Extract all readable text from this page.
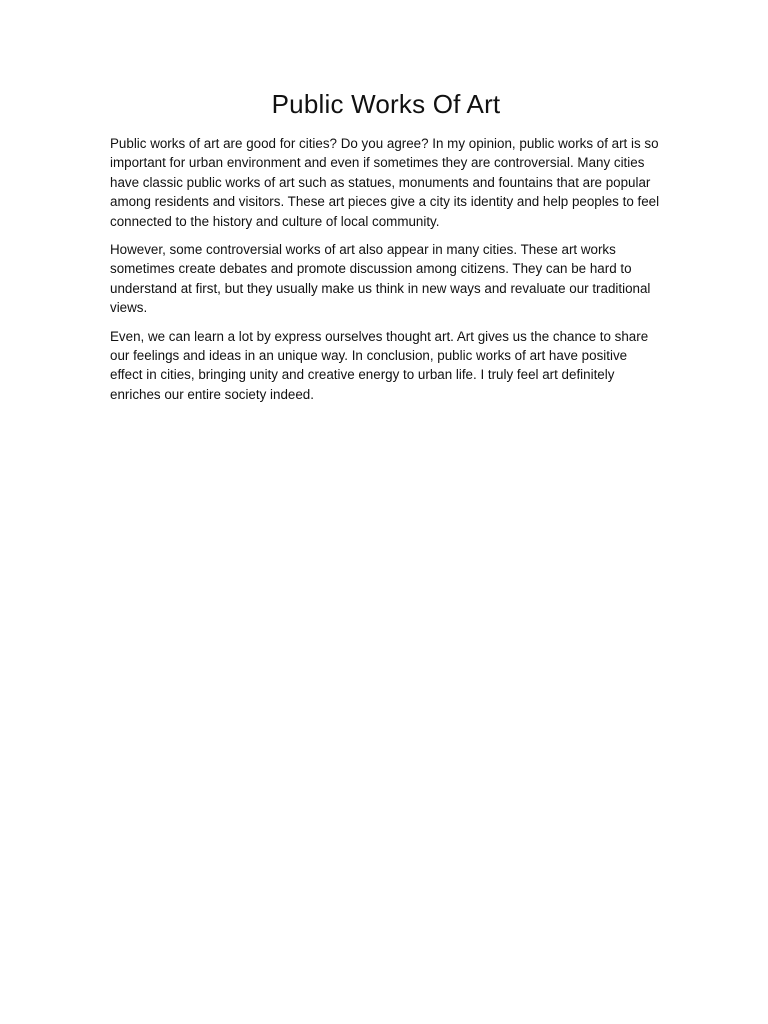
Public Works Of Art

Public works of art are good for cities? Do you agree? In my opinion, public works of art is so important for urban environment and even if sometimes they are controversial. Many cities have classic public works of art such as statues, monuments and fountains that are popular among residents and visitors. These art pieces give a city its identity and help peoples to feel connected to the history and culture of local community.

However, some controversial works of art also appear in many cities. These art works sometimes create debates and promote discussion among citizens. They can be hard to understand at first, but they usually make us think in new ways and revaluate our traditional views.

Even, we can learn a lot by express ourselves thought art. Art gives us the chance to share our feelings and ideas in an unique way. In conclusion, public works of art have positive effect in cities, bringing unity and creative energy to urban life. I truly feel art definitely enriches our entire society indeed.
